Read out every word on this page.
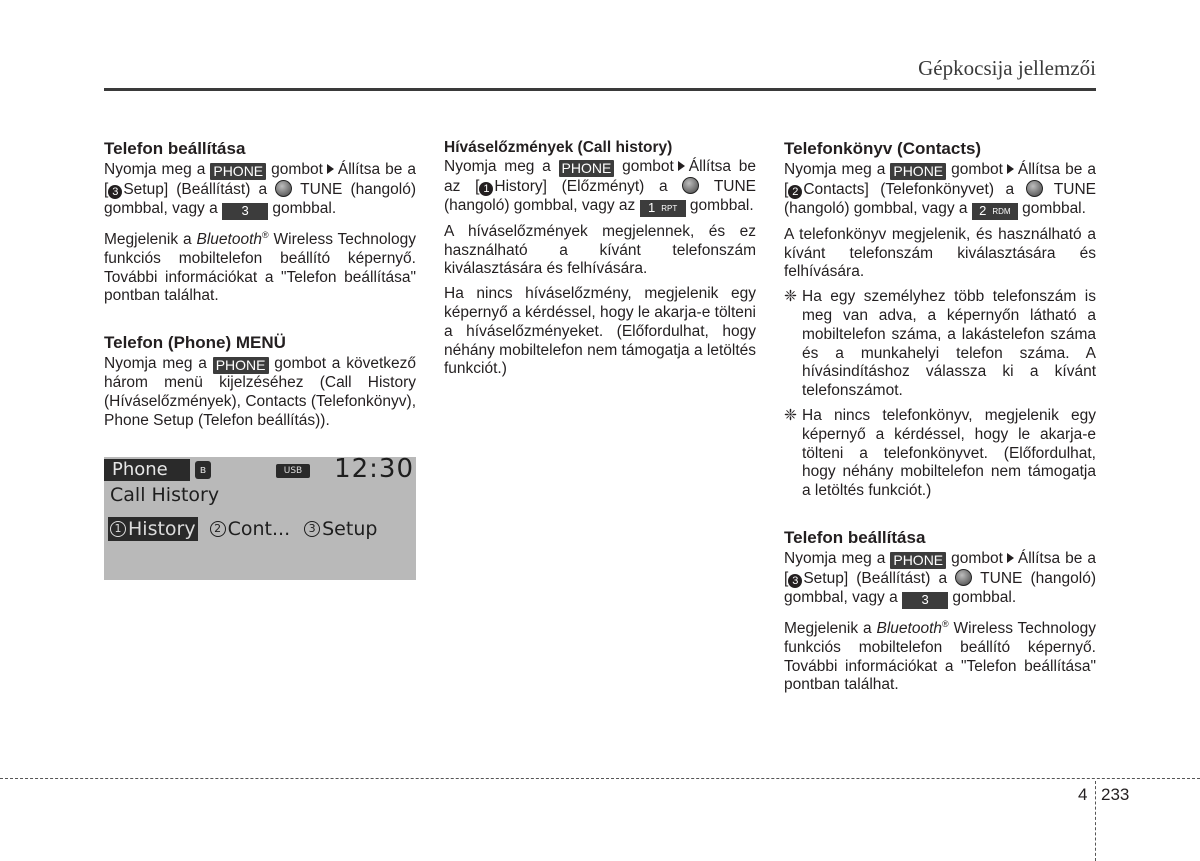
Gépkocsija jellemzői
Telefon beállítása
Nyomja meg a PHONE gombot Állítsa be a [ 3 Setup] (Beállítást) a TUNE (hangoló) gombbal, vagy a 3 gombbal.
Megjelenik a Bluetooth® Wireless Technology funkciós mobiltelefon beállító képernyő. További információkat a "Telefon beállítása" pontban találhat.
Telefon (Phone) MENÜ
Nyomja meg a PHONE gombot a következő három menü kijelzéséhez (Call History (Híváselőzmények), Contacts (Telefonkönyv), Phone Setup (Telefon beállítás)).
Phone	ʙ	USB 12:30
Call History
1 History	2 Cont...	3 Setup
Híváselőzmények (Call history)
Nyomja meg a PHONE gombot Állítsa be az [ 1 History] (Előzményt) a	TUNE (hangoló) gombbal, vagy az 1 RPT gombbal.
A híváselőzmények megjelennek, és ez használható a kívánt telefonszám kiválasztására és felhívására.
Ha nincs híváselőzmény, megjelenik egy képernyő a kérdéssel, hogy le akarja-e tölteni a híváselőzményeket. (Előfordulhat, hogy néhány mobiltelefon nem támogatja a letöltés funkciót.)
Telefonkönyv (Contacts)
Nyomja meg a PHONE gombot Állítsa be a [ 2 Contacts] (Telefonkönyvet) a	TUNE (hangoló) gombbal, vagy a 2 RDM gombbal.
A telefonkönyv megjelenik, és használható a kívánt telefonszám kiválasztására és felhívására.
❈ Ha egy személyhez több telefonszám is meg van adva, a képernyőn látható a mobiltelefon száma, a lakástelefon száma és a munkahelyi telefon száma. A hívásindításhoz válassza ki a kívánt telefonszámot.
❈ Ha nincs telefonkönyv, megjelenik egy képernyő a kérdéssel, hogy le akarja-e tölteni a telefonkönyvet. (Előfordulhat, hogy néhány mobiltelefon nem támogatja a letöltés funkciót.)
Telefon beállítása
Nyomja meg a PHONE gombot Állítsa be a [ 3 Setup] (Beállítást) a TUNE (hangoló) gombbal, vagy a 3 gombbal.
Megjelenik a Bluetooth® Wireless Technology funkciós mobiltelefon beállító képernyő. További információkat a "Telefon beállítása" pontban találhat.
4 233
